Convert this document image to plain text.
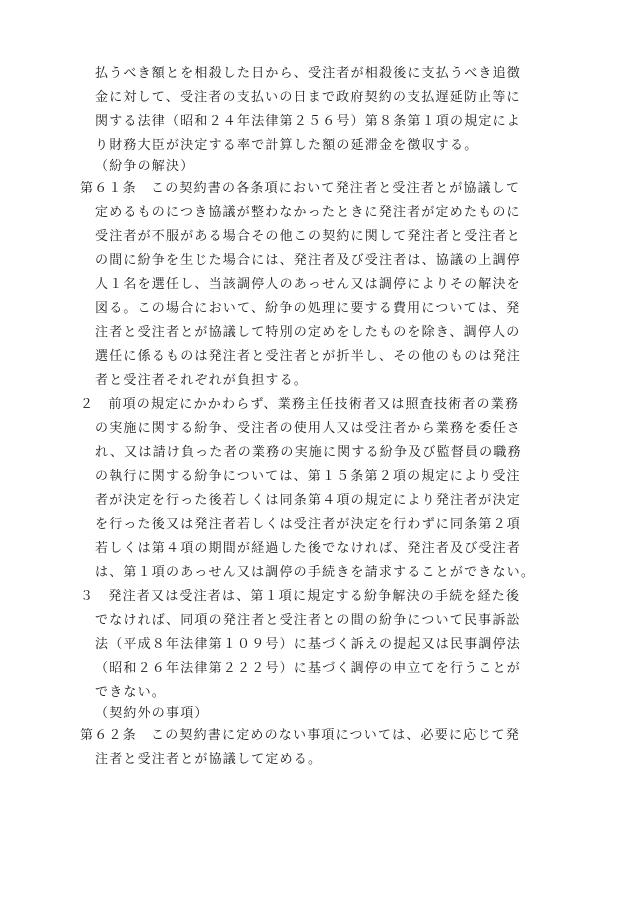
払うべき額とを相殺した日から、受注者が相殺後に支払うべき追徴
金に対して、受注者の支払いの日まで政府契約の支払遅延防止等に
関する法律（昭和２４年法律第２５６号）第８条第１項の規定によ
り財務大臣が決定する率で計算した額の延滞金を徴収する。
（紛争の解決）
第６１条　この契約書の各条項において発注者と受注者とが協議して
定めるものにつき協議が整わなかったときに発注者が定めたものに
受注者が不服がある場合その他この契約に関して発注者と受注者と
の間に紛争を生じた場合には、発注者及び受注者は、協議の上調停
人１名を選任し、当該調停人のあっせん又は調停によりその解決を
図る。この場合において、紛争の処理に要する費用については、発
注者と受注者とが協議して特別の定めをしたものを除き、調停人の
選任に係るものは発注者と受注者とが折半し、その他のものは発注
者と受注者それぞれが負担する。
２　前項の規定にかかわらず、業務主任技術者又は照査技術者の業務
の実施に関する紛争、受注者の使用人又は受注者から業務を委任さ
れ、又は請け負った者の業務の実施に関する紛争及び監督員の職務
の執行に関する紛争については、第１５条第２項の規定により受注
者が決定を行った後若しくは同条第４項の規定により発注者が決定
を行った後又は発注者若しくは受注者が決定を行わずに同条第２項
若しくは第４項の期間が経過した後でなければ、発注者及び受注者
は、第１項のあっせん又は調停の手続きを請求することができない。
３　発注者又は受注者は、第１項に規定する紛争解決の手続を経た後
でなければ、同項の発注者と受注者との間の紛争について民事訴訟
法（平成８年法律第１０９号）に基づく訴えの提起又は民事調停法
（昭和２６年法律第２２２号）に基づく調停の申立てを行うことが
できない。
（契約外の事項）
第６２条　この契約書に定めのない事項については、必要に応じて発
注者と受注者とが協議して定める。
